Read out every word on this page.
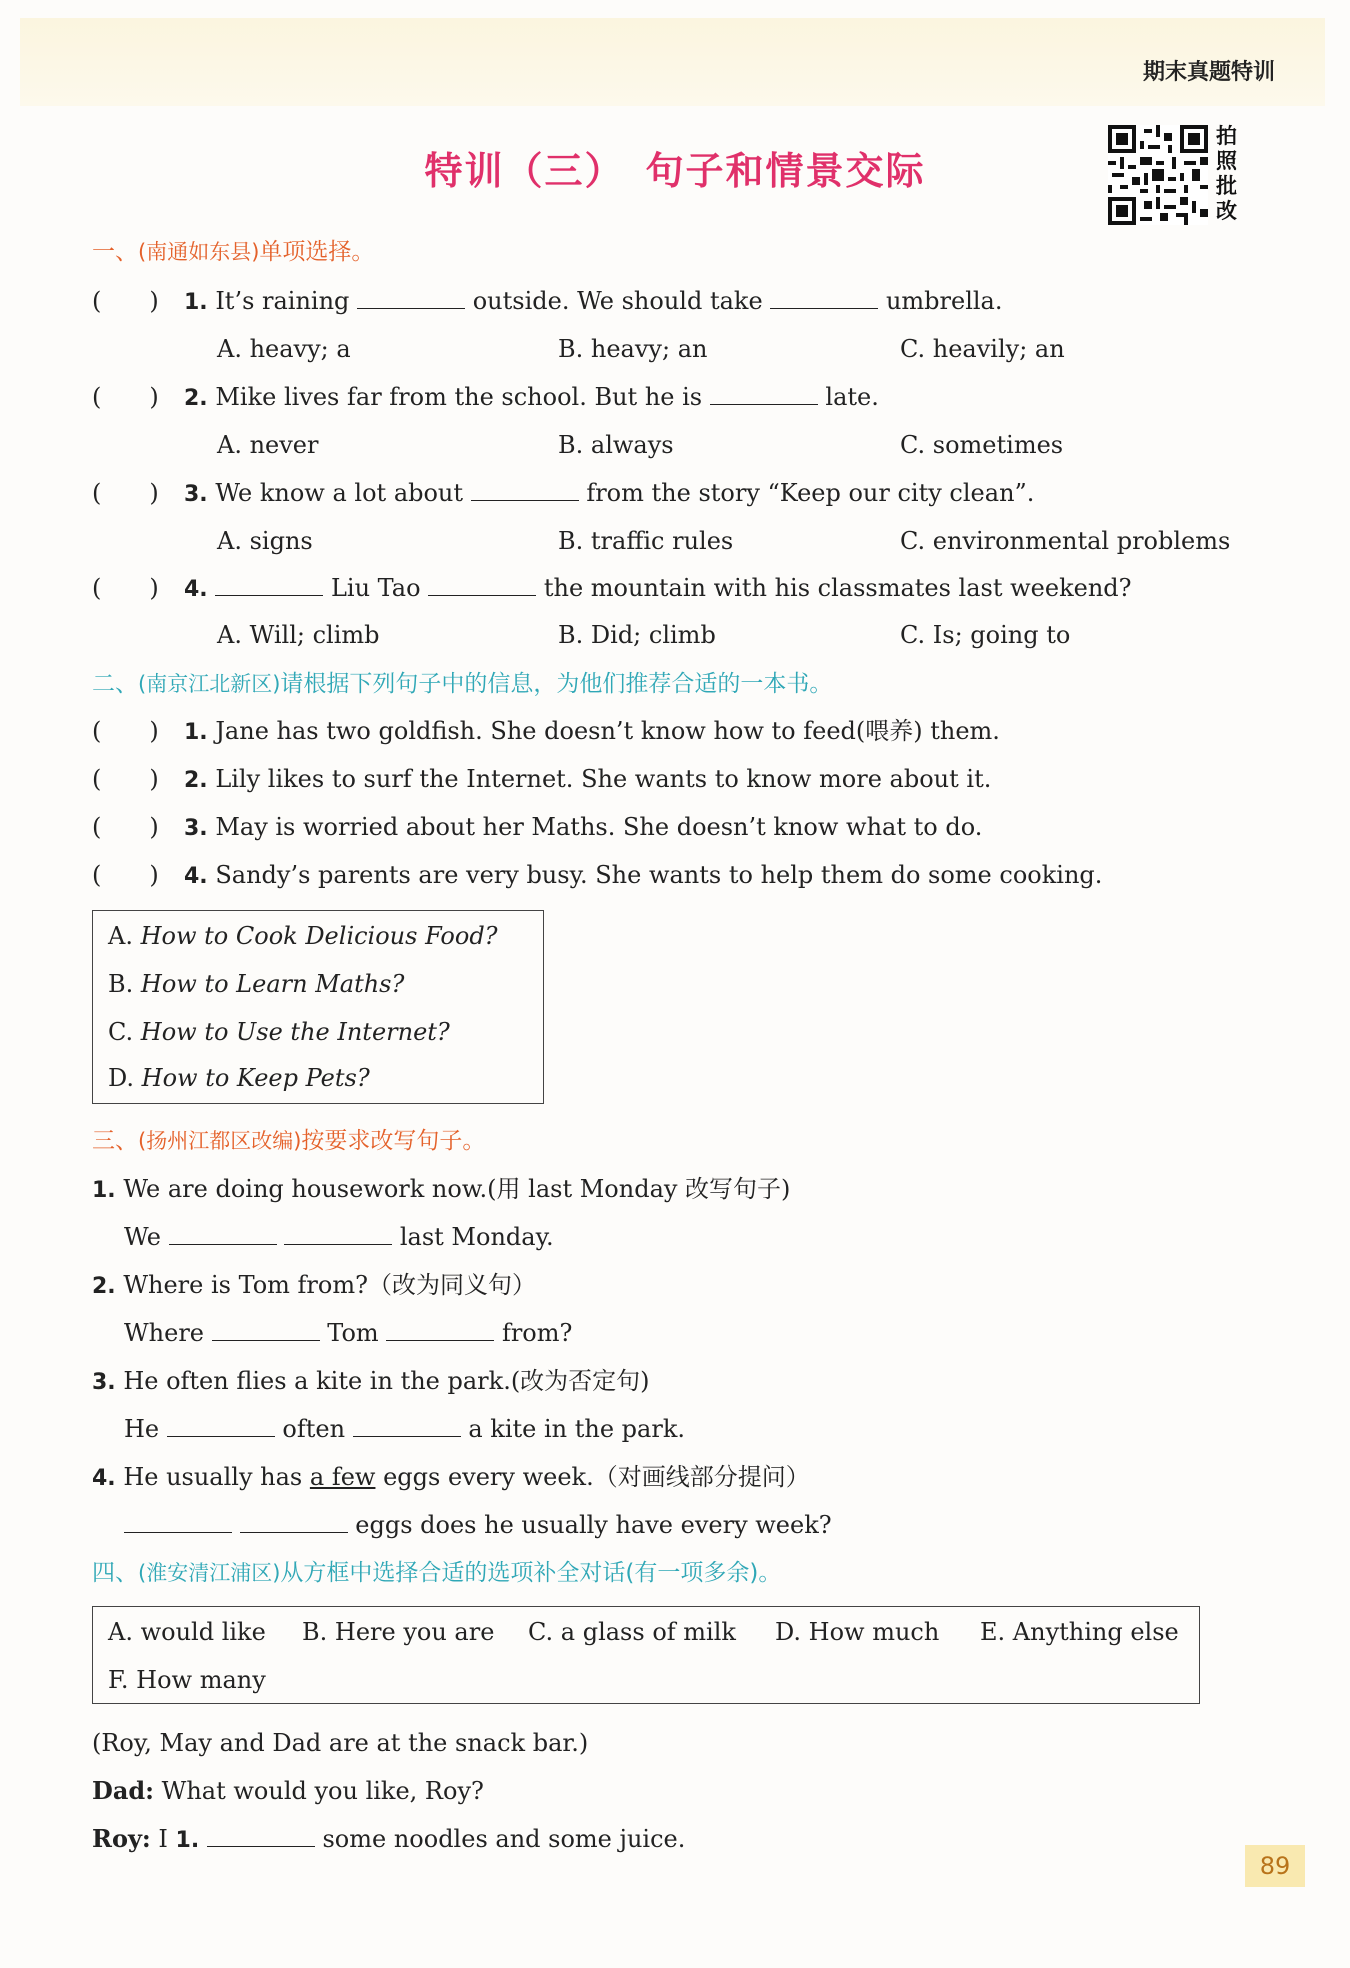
期末真题特训
特训（三）　句子和情景交际
拍照批改
一、(南通如东县)单项选择。
(　　) 1. It’s raining	outside. We should take	umbrella.
A. heavy; a	B. heavy; an	C. heavily; an
(　　) 2. Mike lives far from the school. But he is	late.
A. never	B. always	C. sometimes
(　　) 3. We know a lot about	from the story “Keep our city clean”.
A. signs	B. traffic rules	C. environmental problems
(　　) 4.	Liu Tao	the mountain with his classmates last weekend?
A. Will; climb	B. Did; climb	C. Is; going to
二、(南京江北新区)请根据下列句子中的信息，为他们推荐合适的一本书。
(　　) 1. Jane has two goldfish. She doesn’t know how to feed(喂养) them.
(　　) 2. Lily likes to surf the Internet. She wants to know more about it.
(　　) 3. May is worried about her Maths. She doesn’t know what to do.
(　　) 4. Sandy’s parents are very busy. She wants to help them do some cooking.
A. How to Cook Delicious Food?
B. How to Learn Maths?
C. How to Use the Internet?
D. How to Keep Pets?
三、(扬州江都区改编)按要求改写句子。
1. We are doing housework now.(用 last Monday 改写句子)
We	last Monday.
2. Where is Tom from?（改为同义句）
Where	Tom	from?
3. He often flies a kite in the park.(改为否定句)
He	often	a kite in the park.
4. He usually has a few eggs every week.（对画线部分提问）
eggs does he usually have every week?
四、(淮安清江浦区)从方框中选择合适的选项补全对话(有一项多余)。
A. would like B. Here you are C. a glass of milk D. How much E. Anything else
F. How many
(Roy, May and Dad are at the snack bar.)
Dad: What would you like, Roy?
Roy: I 1.	some noodles and some juice.
89
